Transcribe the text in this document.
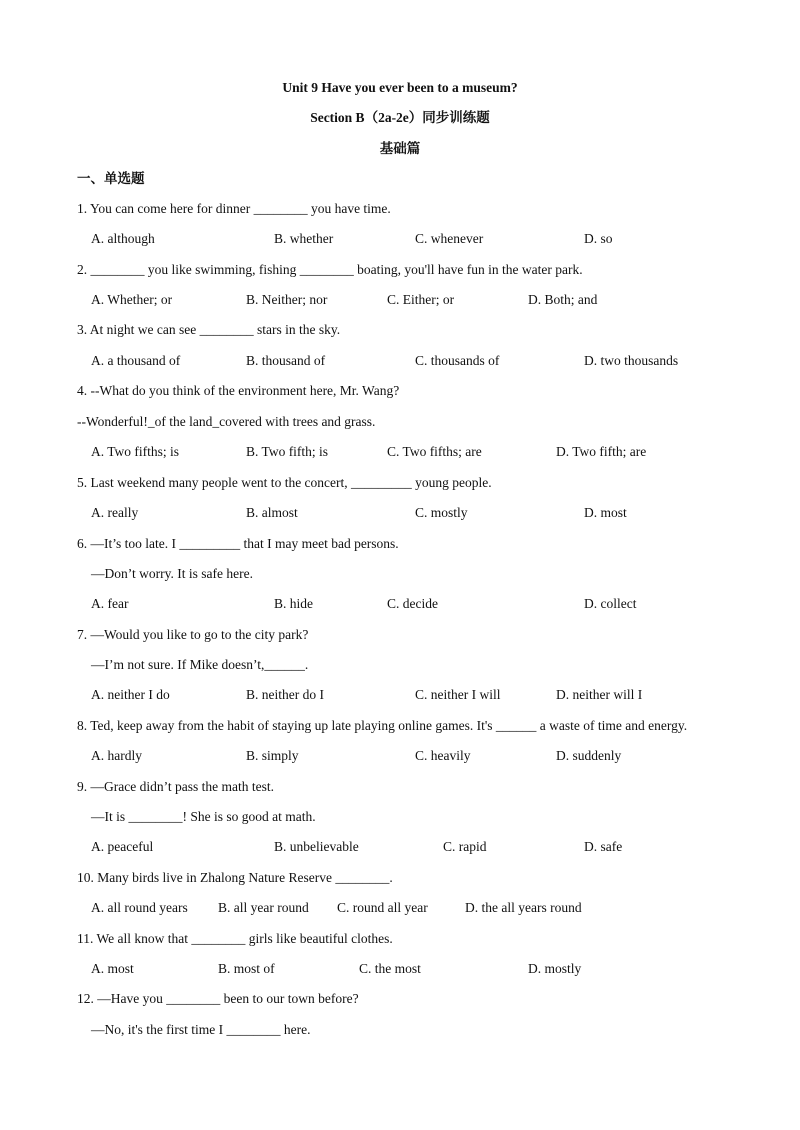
Unit 9 Have you ever been to a museum?
Section B（2a-2e）同步训练题
基础篇
一、单选题
1. You can come here for dinner ________ you have time.
A. although	B. whether	C. whenever	D. so
2. ________ you like swimming, fishing ________ boating, you'll have fun in the water park.
A. Whether; or	B. Neither; nor	C. Either; or	D. Both; and
3. At night we can see ________ stars in the sky.
A. a thousand of	B. thousand of	C. thousands of	D. two thousands
4. --What do you think of the environment here, Mr. Wang?
--Wonderful!_of the land_covered with trees and grass.
A. Two fifths; is	B. Two fifth; is	C. Two fifths; are	D. Two fifth; are
5. Last weekend many people went to the concert, _________ young people.
A. really	B. almost	C. mostly	D. most
6. —It’s too late. I _________ that I may meet bad persons.
—Don’t worry. It is safe here.
A. fear	B. hide	C. decide	D. collect
7. —Would you like to go to the city park?
—I’m not sure. If Mike doesn’t,______.
A. neither I do	B. neither do I	C. neither I will	D. neither will I
8. Ted, keep away from the habit of staying up late playing online games. It's ______ a waste of time and energy.
A. hardly	B. simply	C. heavily	D. suddenly
9. —Grace didn’t pass the math test.
—It is ________! She is so good at math.
A. peaceful	B. unbelievable	C. rapid	D. safe
10. Many birds live in Zhalong Nature Reserve ________.
A. all round years B. all year round C. round all year	D. the all years round
11. We all know that ________ girls like beautiful clothes.
A. most	B. most of	C. the most	D. mostly
12. —Have you ________ been to our town before?
—No, it's the first time I ________ here.
